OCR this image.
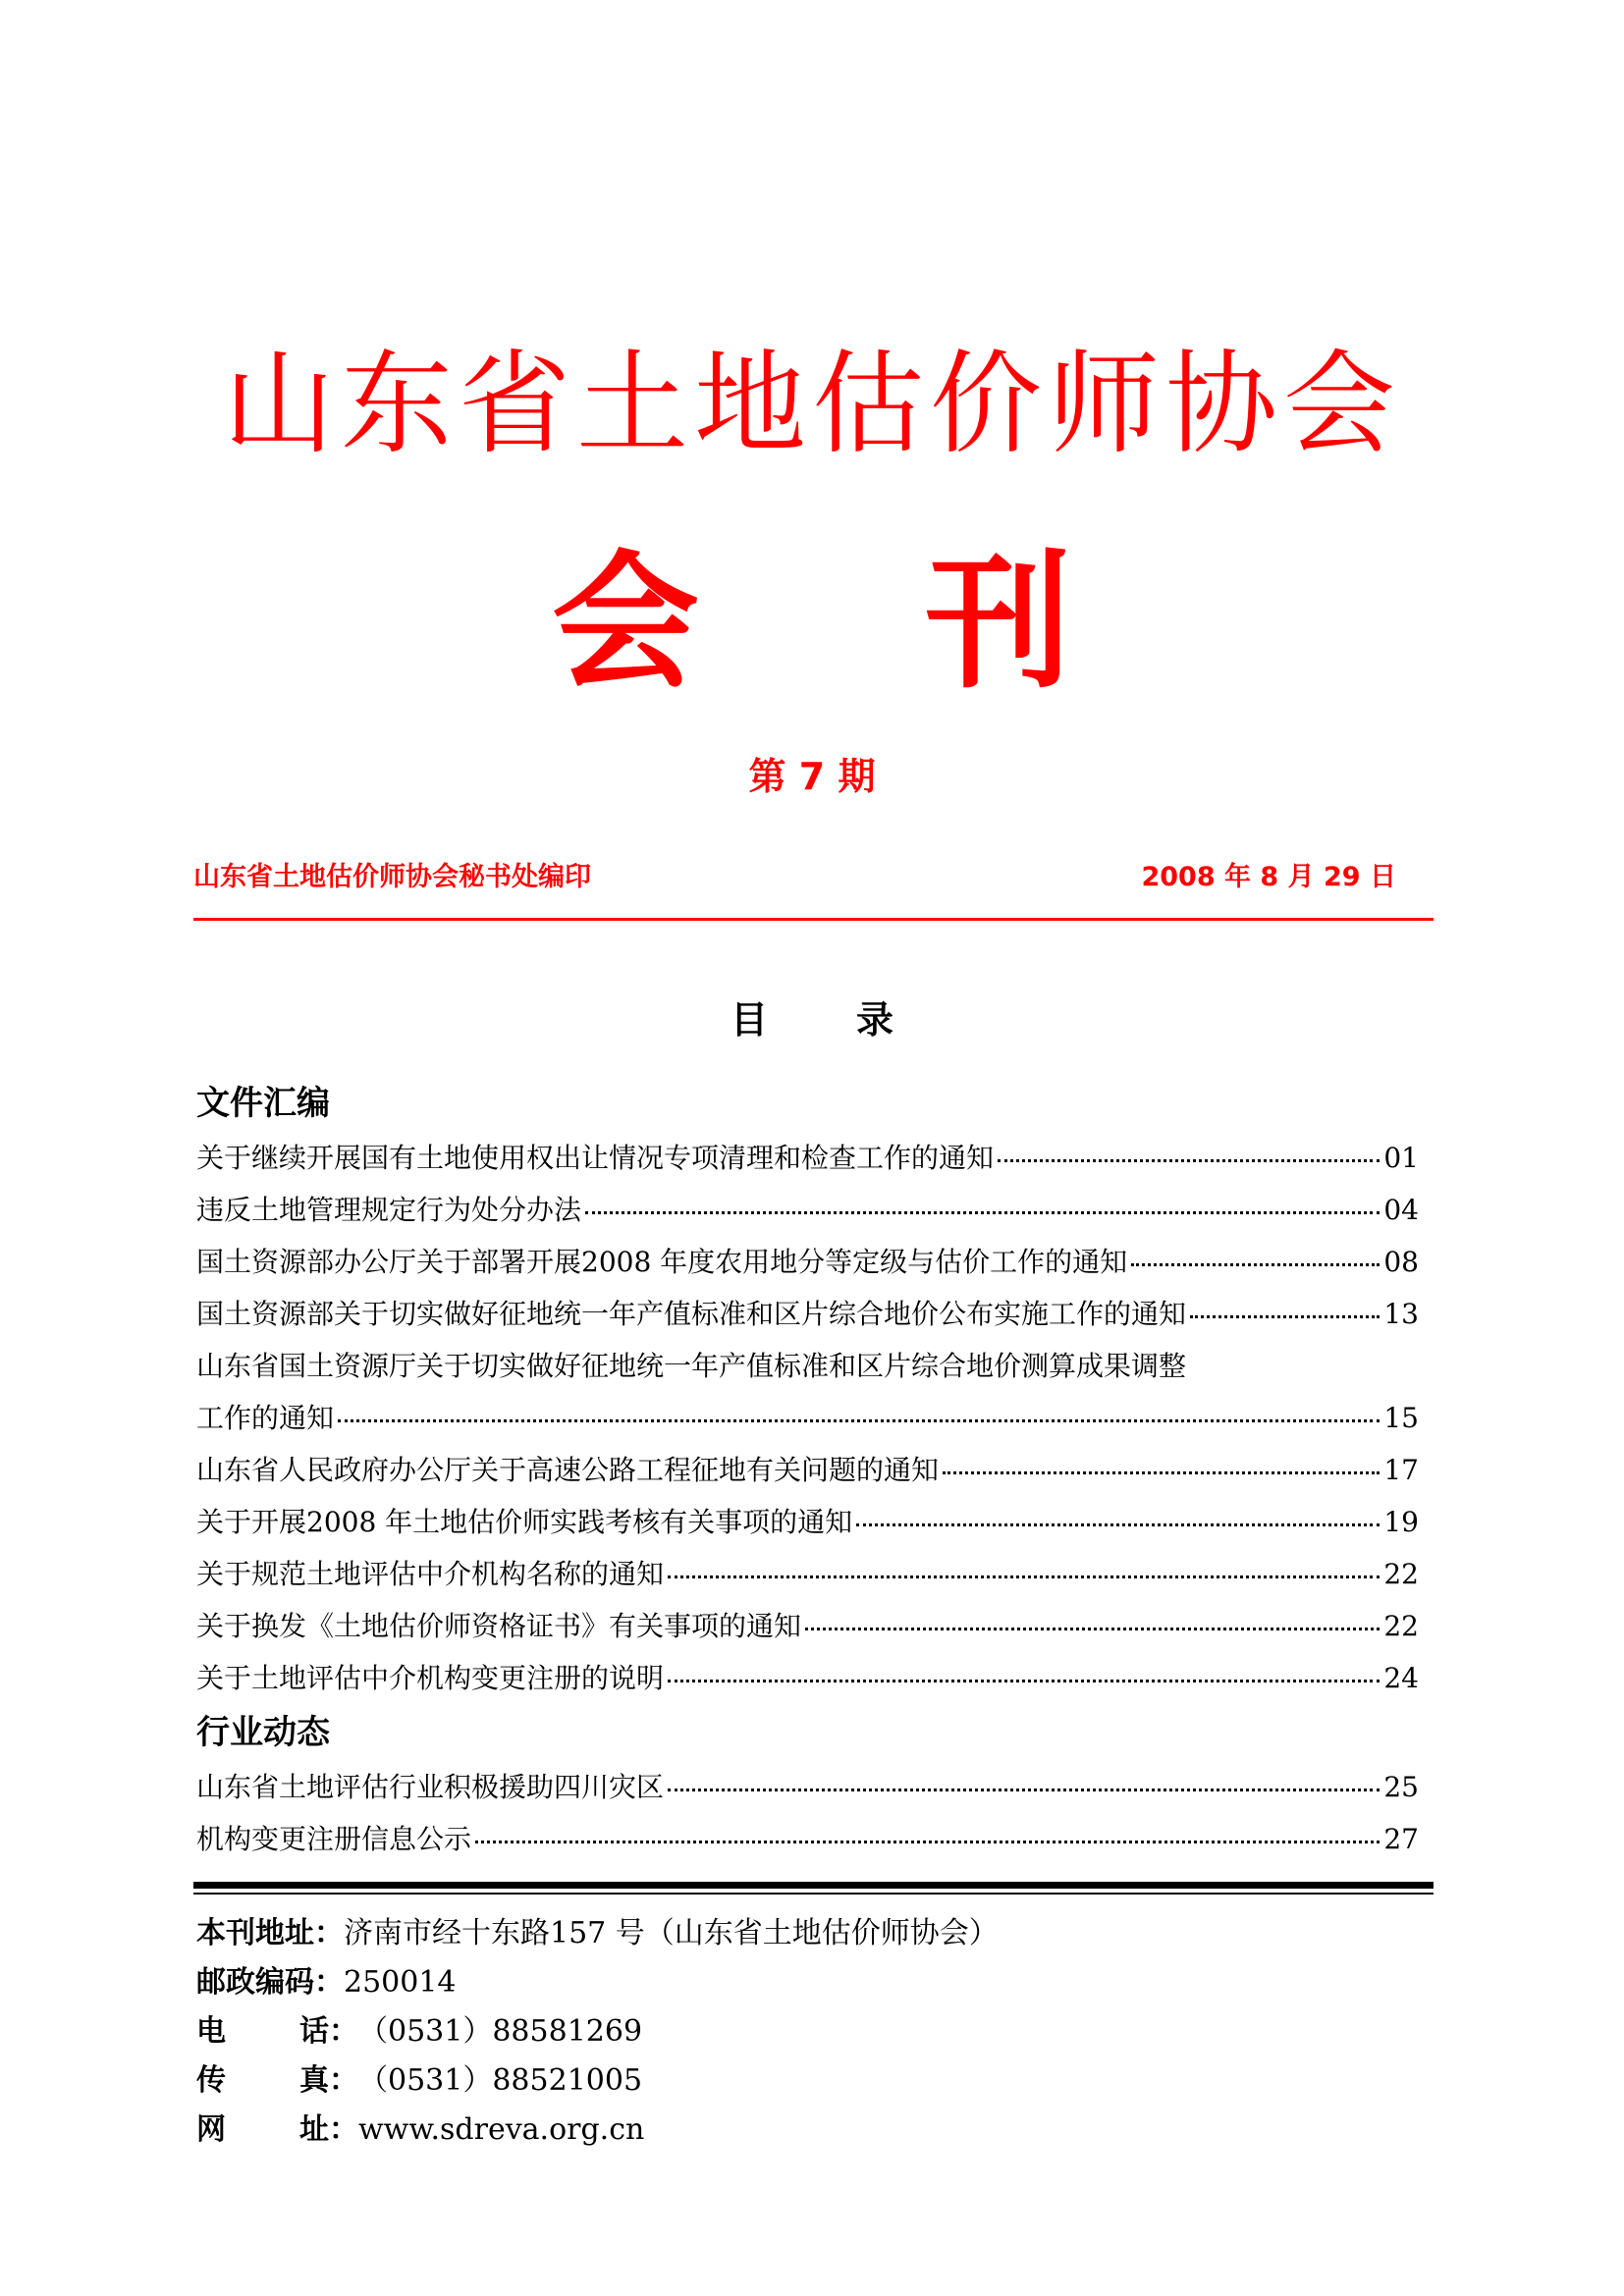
山东省土地估价师协会
会 刊
第 7 期
山东省土地估价师协会秘书处编印	2008 年 8 月 29 日
目 录
文件汇编
关于继续开展国有土地使用权出让情况专项清理和检查工作的通知	01
违反土地管理规定行为处分办法	04
国土资源部办公厅关于部署开展2008 年度农用地分等定级与估价工作的通知	08
国土资源部关于切实做好征地统一年产值标准和区片综合地价公布实施工作的通知	13
山东省国土资源厅关于切实做好征地统一年产值标准和区片综合地价测算成果调整
工作的通知	15
山东省人民政府办公厅关于高速公路工程征地有关问题的通知	17
关于开展2008 年土地估价师实践考核有关事项的通知	19
关于规范土地评估中介机构名称的通知	22
关于换发《土地估价师资格证书》有关事项的通知	22
关于土地评估中介机构变更注册的说明	24
行业动态
山东省土地评估行业积极援助四川灾区	25
机构变更注册信息公示	27
本刊地址： 济南市经十东路157 号（山东省土地估价师协会）
邮政编码： 250014
电	话： （0531）88581269
传	真： （0531）88521005
网	址： www.sdreva.org.cn
